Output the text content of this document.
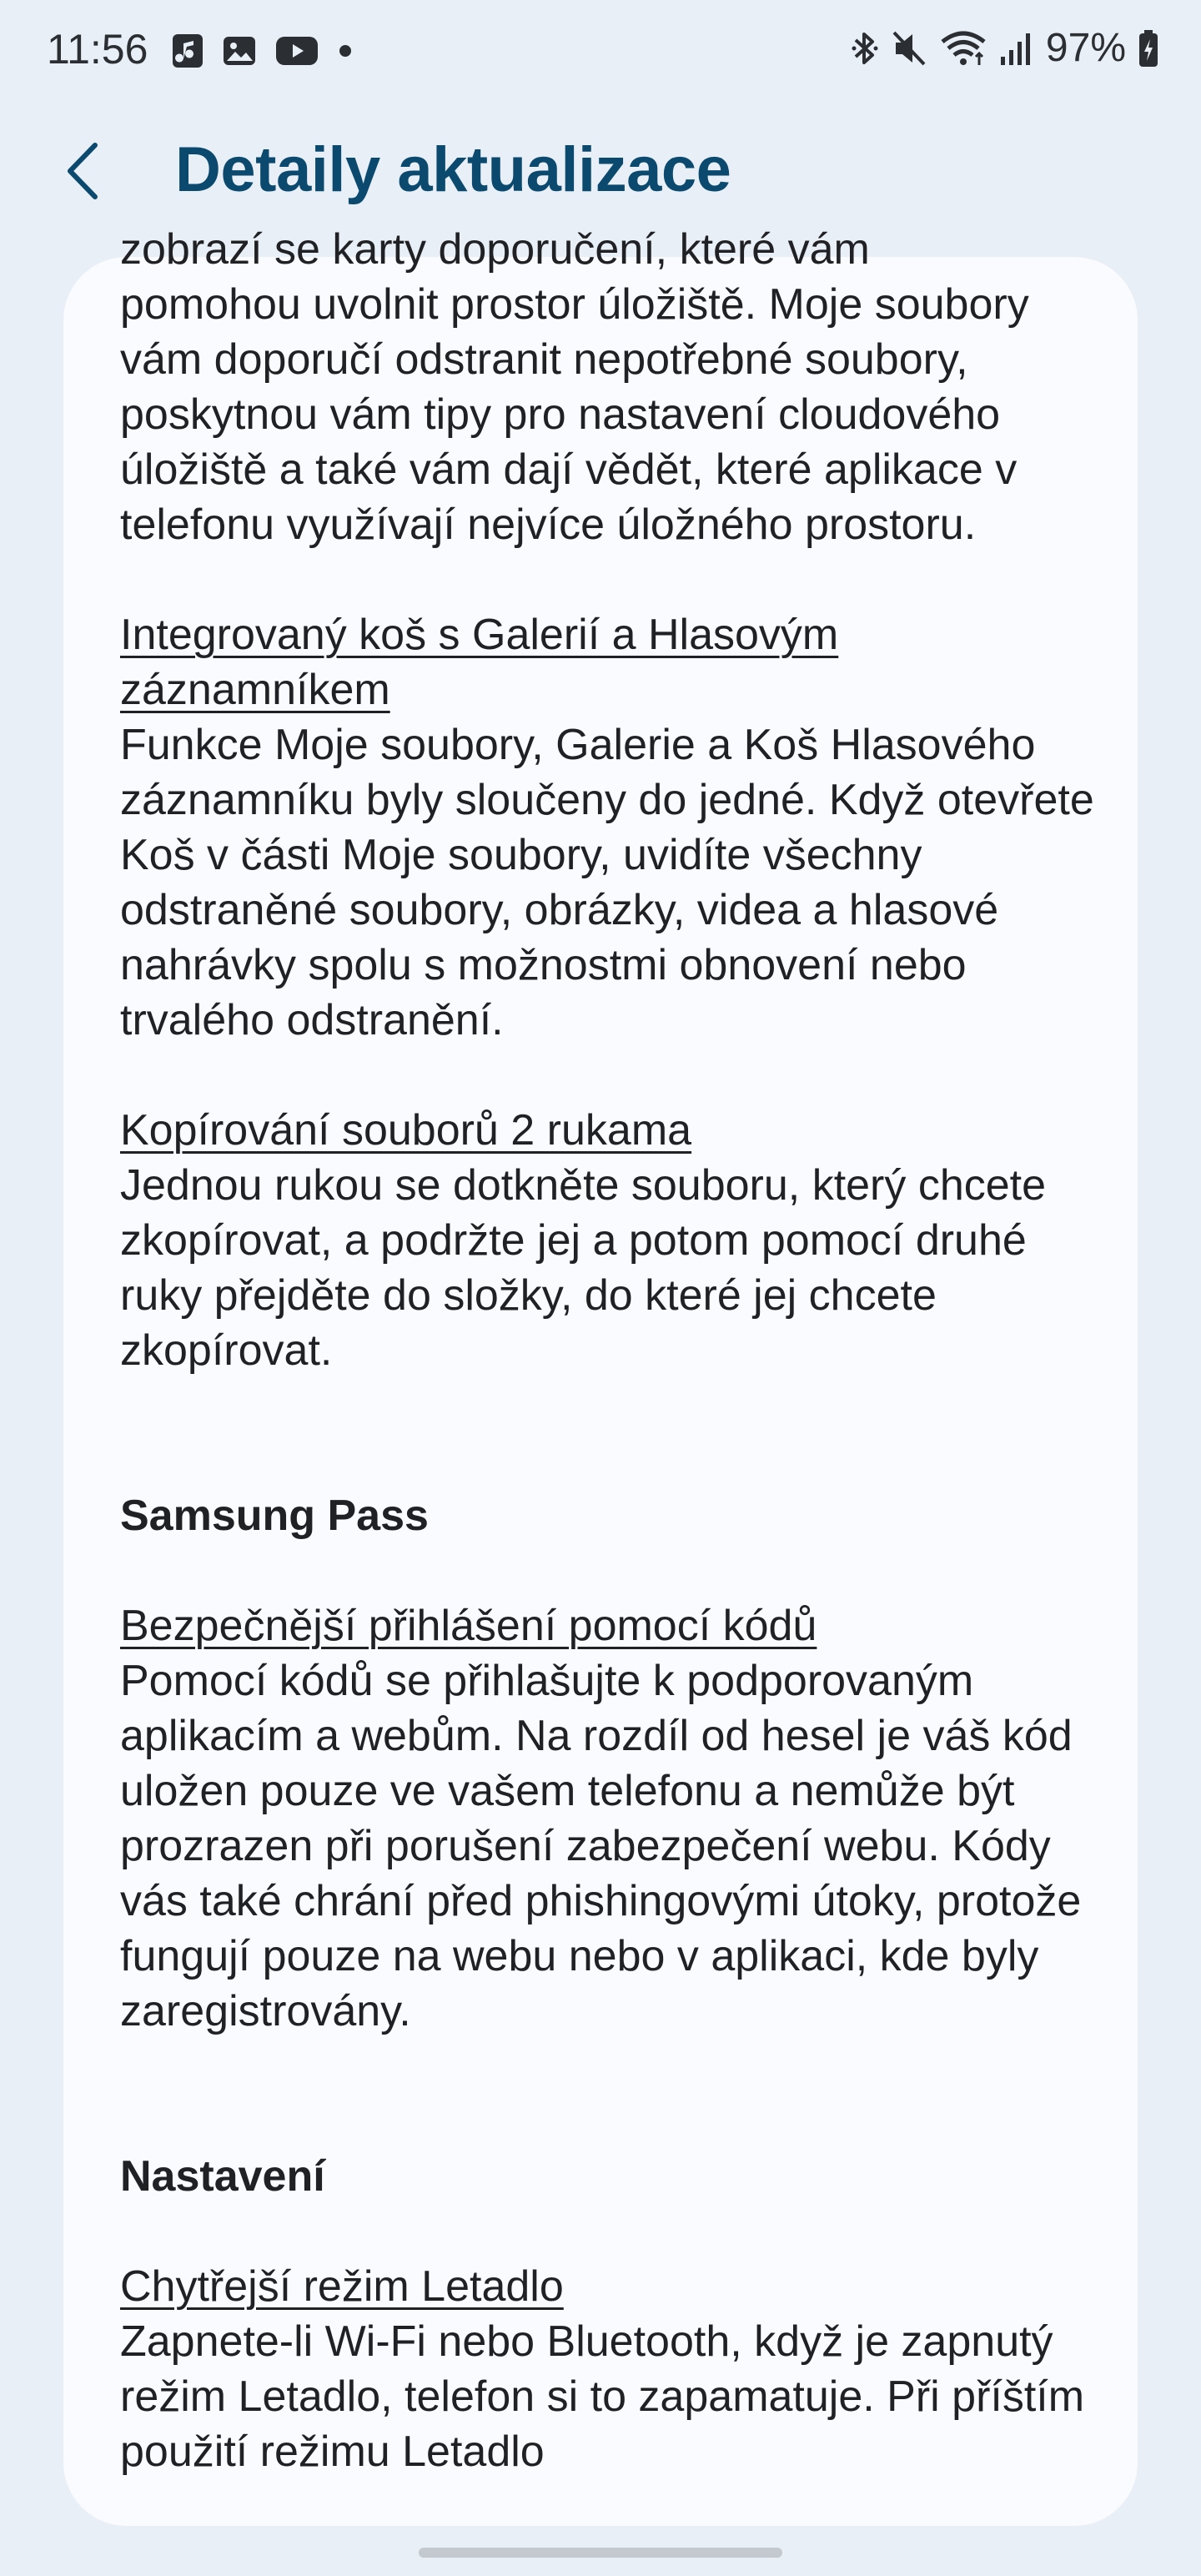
11:56	97%
Detaily aktualizace

zobrazí se karty doporučení, které vám

pomohou uvolnit prostor úložiště. Moje soubory vám doporučí odstranit nepotřebné soubory, poskytnou vám tipy pro nastavení cloudového úložiště a také vám dají vědět, které aplikace v telefonu využívají nejvíce úložného prostoru.

Integrovaný koš s Galerií a Hlasovým záznamníkem

Funkce Moje soubory, Galerie a Koš Hlasového záznamníku byly sloučeny do jedné. Když otevřete Koš v části Moje soubory, uvidíte všechny odstraněné soubory, obrázky, videa a hlasové nahrávky spolu s možnostmi obnovení nebo trvalého odstranění.

Kopírování souborů 2 rukama

Jednou rukou se dotkněte souboru, který chcete zkopírovat, a podržte jej a potom pomocí druhé ruky přejděte do složky, do které jej chcete zkopírovat.

Samsung Pass

Bezpečnější přihlášení pomocí kódů

Pomocí kódů se přihlašujte k podporovaným aplikacím a webům. Na rozdíl od hesel je váš kód uložen pouze ve vašem telefonu a nemůže být prozrazen při porušení zabezpečení webu. Kódy vás také chrání před phishingovými útoky, protože fungují pouze na webu nebo v aplikaci, kde byly zaregistrovány.

Nastavení

Chytřejší režim Letadlo

Zapnete-li Wi-Fi nebo Bluetooth, když je zapnutý režim Letadlo, telefon si to zapamatuje. Při příštím použití režimu Letadlo
